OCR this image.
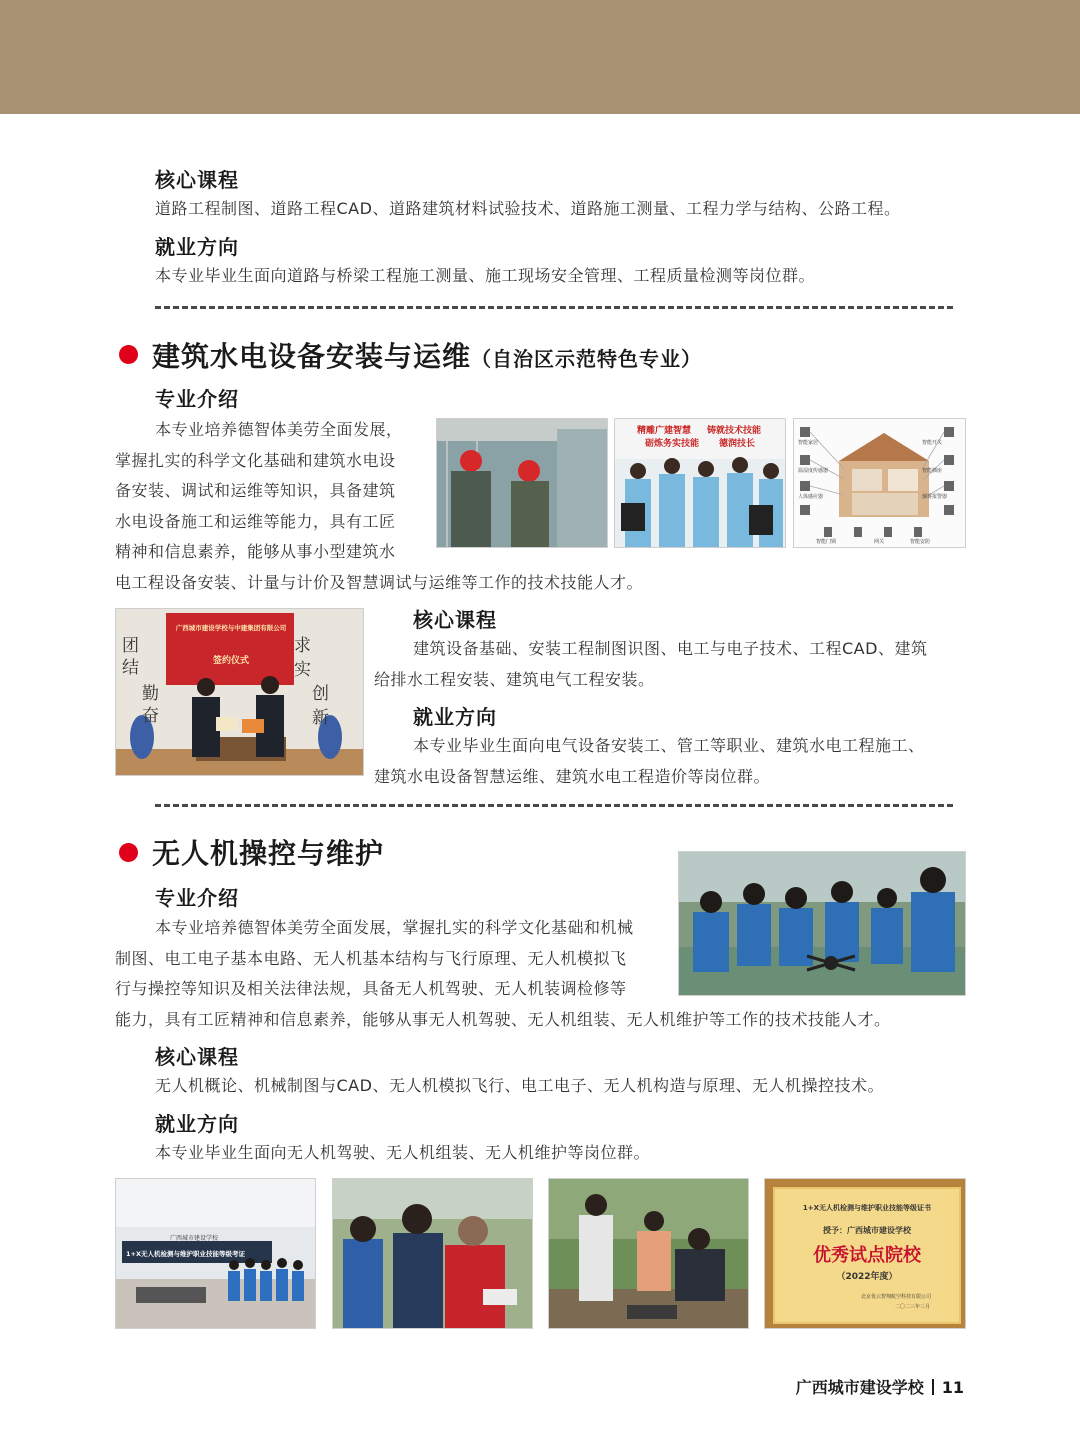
核心课程
道路工程制图、道路工程CAD、道路建筑材料试验技术、道路施工测量、工程力学与结构、公路工程。
就业方向
本专业毕业生面向道路与桥梁工程施工测量、施工现场安全管理、工程质量检测等岗位群。
建筑水电设备安装与运维（自治区示范特色专业）
专业介绍
本专业培养德智体美劳全面发展，
掌握扎实的科学文化基础和建筑水电设
备安装、调试和运维等知识，具备建筑
水电设备施工和运维等能力，具有工匠
精神和信息素养，能够从事小型建筑水
电工程设备安装、计量与计价及智慧调试与运维等工作的技术技能人才。
精雕广建智慧 铸就技术技能
砺炼务实技能 德润技长	智能家居
温湿度传感器
人体感应器
智能开关
智能插座
烟雾报警器
智能门锁	网关	智能安防
广西城市建设学校与中建集团有限公司
签约仪式
团
结
勤
奋
求
实
创
新
核心课程
建筑设备基础、安装工程制图识图、电工与电子技术、工程CAD、建筑
给排水工程安装、建筑电气工程安装。
就业方向
本专业毕业生面向电气设备安装工、管工等职业、建筑水电工程施工、
建筑水电设备智慧运维、建筑水电工程造价等岗位群。
无人机操控与维护
专业介绍
本专业培养德智体美劳全面发展，掌握扎实的科学文化基础和机械
制图、电工电子基本电路、无人机基本结构与飞行原理、无人机模拟飞
行与操控等知识及相关法律法规，具备无人机驾驶、无人机装调检修等
能力，具有工匠精神和信息素养，能够从事无人机驾驶、无人机组装、无人机维护等工作的技术技能人才。
核心课程
无人机概论、机械制图与CAD、无人机模拟飞行、电工电子、无人机构造与原理、无人机操控技术。
就业方向
本专业毕业生面向无人机驾驶、无人机组装、无人机维护等岗位群。
1+X无人机检测与维护职业技能等级考证
广西城市建设学校
1+X无人机检测与维护职业技能等级证书
授予：广西城市建设学校
优秀试点院校
（2022年度）
北京优云智翔航空科技有限公司
二〇二三年三月
广西城市建设学校 11
